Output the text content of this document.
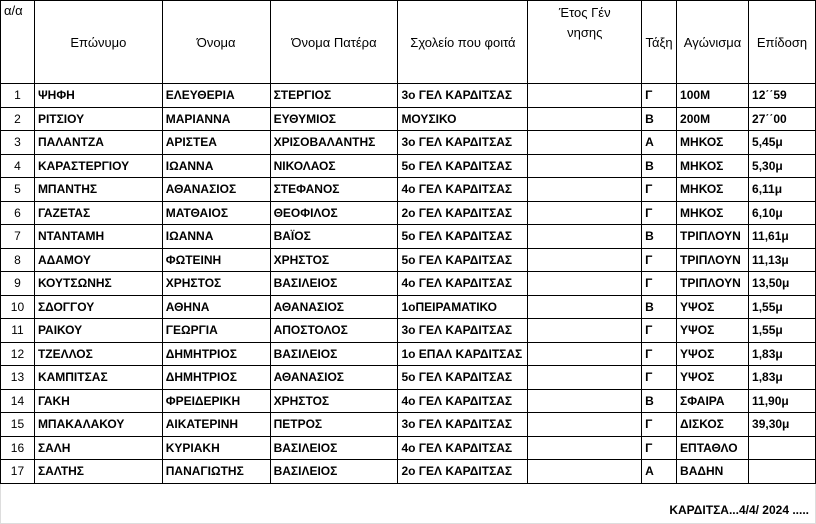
α/α	Επώνυμο	Όνομα	Όνομα Πατέρα	Σχολείο που φοιτά	Έτος Γέννησης	Τάξη	Αγώνισμα	Επίδοση
1	ΨΗΦΗ	ΕΛΕΥΘΕΡΙΑ	ΣΤΕΡΓΙΟΣ	3ο ΓΕΛ ΚΑΡΔΙΤΣΑΣ		Γ	100Μ	12΄΄59
2	ΡΙΤΣΙΟΥ	ΜΑΡΙΑΝΝΑ	ΕΥΘΥΜΙΟΣ	ΜΟΥΣΙΚΟ		Β	200Μ	27΄΄00
3	ΠΑΛΑΝΤΖΑ	ΑΡΙΣΤΕΑ	ΧΡΙΣΟΒΑΛΑΝΤΗΣ	3ο ΓΕΛ ΚΑΡΔΙΤΣΑΣ		Α	ΜΗΚΟΣ	5,45μ
4	ΚΑΡΑΣΤΕΡΓΙΟΥ	ΙΩΑΝΝΑ	ΝΙΚΟΛΑΟΣ	5ο ΓΕΛ ΚΑΡΔΙΤΣΑΣ		Β	ΜΗΚΟΣ	5,30μ
5	ΜΠΑΝΤΗΣ	ΑΘΑΝΑΣΙΟΣ	ΣΤΕΦΑΝΟΣ	4ο ΓΕΛ ΚΑΡΔΙΤΣΑΣ		Γ	ΜΗΚΟΣ	6,11μ
6	ΓΑΖΕΤΑΣ	ΜΑΤΘΑΙΟΣ	ΘΕΟΦΙΛΟΣ	2ο ΓΕΛ ΚΑΡΔΙΤΣΑΣ		Γ	ΜΗΚΟΣ	6,10μ
7	ΝΤΑΝΤΑΜΗ	ΙΩΑΝΝΑ	ΒΑΪΟΣ	5ο ΓΕΛ ΚΑΡΔΙΤΣΑΣ		Β	ΤΡΙΠΛΟΥΝ	11,61μ
8	ΑΔΑΜΟΥ	ΦΩΤΕΙΝΗ	ΧΡΗΣΤΟΣ	5ο ΓΕΛ ΚΑΡΔΙΤΣΑΣ		Γ	ΤΡΙΠΛΟΥΝ	11,13μ
9	ΚΟΥΤΣΩΝΗΣ	ΧΡΗΣΤΟΣ	ΒΑΣΙΛΕΙΟΣ	4ο ΓΕΛ ΚΑΡΔΙΤΣΑΣ		Γ	ΤΡΙΠΛΟΥΝ	13,50μ
10	ΣΔΟΓΓΟΥ	ΑΘΗΝΑ	ΑΘΑΝΑΣΙΟΣ	1οΠΕΙΡΑΜΑΤΙΚΟ		Β	ΥΨΟΣ	1,55μ
11	ΡΑΙΚΟΥ	ΓΕΩΡΓΙΑ	ΑΠΟΣΤΟΛΟΣ	3ο ΓΕΛ ΚΑΡΔΙΤΣΑΣ		Γ	ΥΨΟΣ	1,55μ
12	ΤΖΕΛΛΟΣ	ΔΗΜΗΤΡΙΟΣ	ΒΑΣΙΛΕΙΟΣ	1ο ΕΠΑΛ ΚΑΡΔΙΤΣΑΣ		Γ	ΥΨΟΣ	1,83μ
13	ΚΑΜΠΙΤΣΑΣ	ΔΗΜΗΤΡΙΟΣ	ΑΘΑΝΑΣΙΟΣ	5ο ΓΕΛ ΚΑΡΔΙΤΣΑΣ		Γ	ΥΨΟΣ	1,83μ
14	ΓΑΚΗ	ΦΡΕΙΔΕΡΙΚΗ	ΧΡΗΣΤΟΣ	4ο ΓΕΛ ΚΑΡΔΙΤΣΑΣ		Β	ΣΦΑΙΡΑ	11,90μ
15	ΜΠΑΚΑΛΑΚΟΥ	ΑΙΚΑΤΕΡΙΝΗ	ΠΕΤΡΟΣ	3ο ΓΕΛ ΚΑΡΔΙΤΣΑΣ		Γ	ΔΙΣΚΟΣ	39,30μ
16	ΣΑΛΗ	ΚΥΡΙΑΚΗ	ΒΑΣΙΛΕΙΟΣ	4ο ΓΕΛ ΚΑΡΔΙΤΣΑΣ		Γ	ΕΠΤΑΘΛΟ	
17	ΣΑΛΤΗΣ	ΠΑΝΑΓΙΩΤΗΣ	ΒΑΣΙΛΕΙΟΣ	2ο ΓΕΛ ΚΑΡΔΙΤΣΑΣ		Α	ΒΑΔΗΝ	
ΚΑΡΔΙΤΣΑ...4/4/ 2024 .....								
